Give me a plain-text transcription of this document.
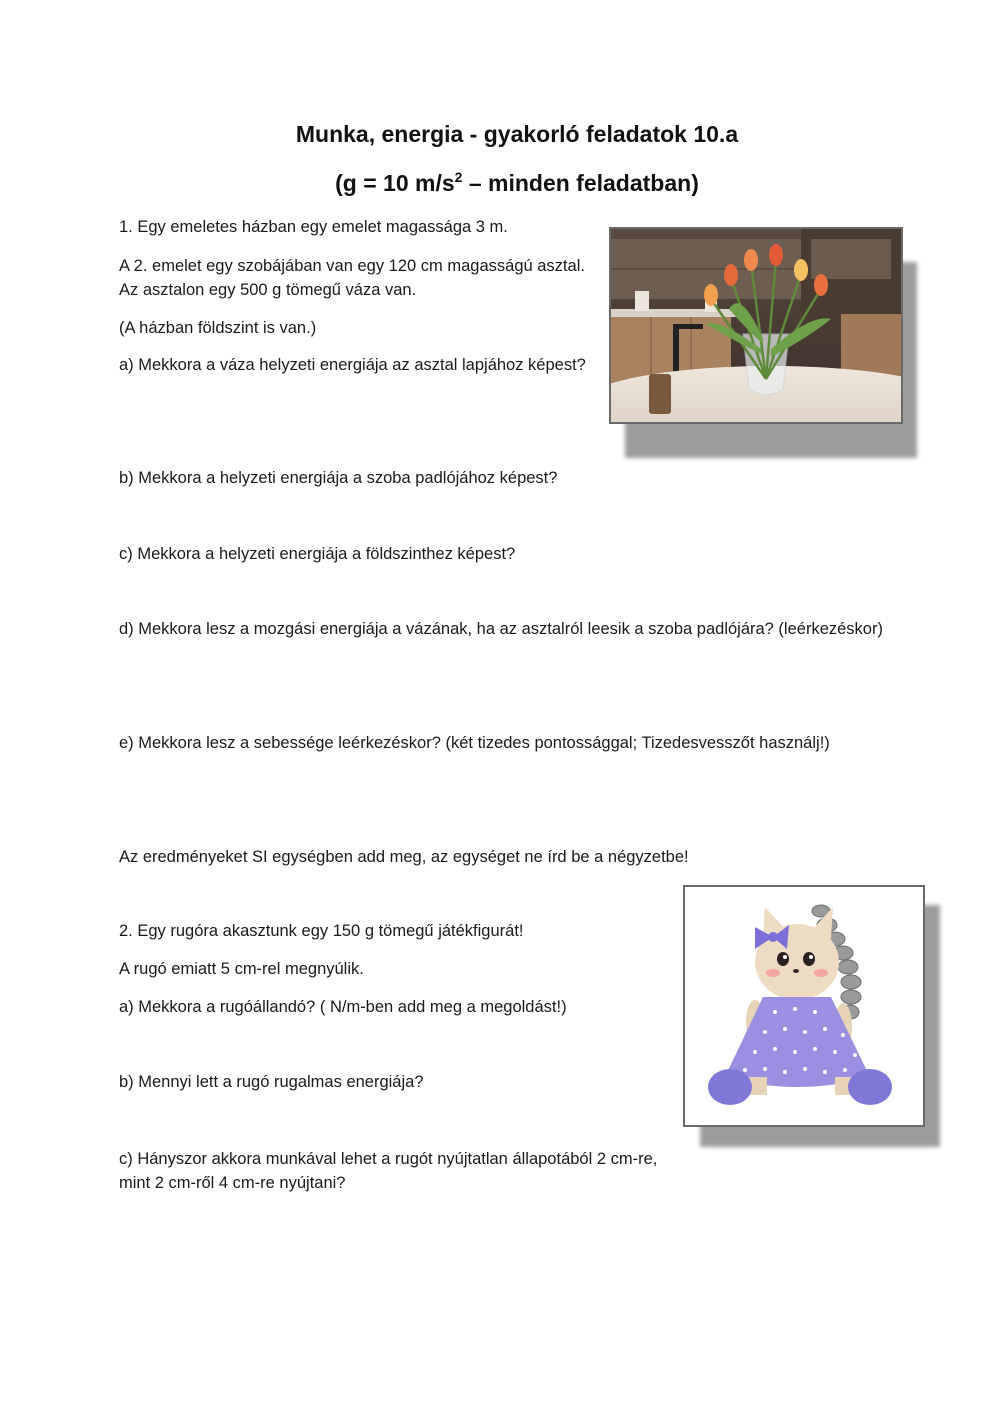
Munka, energia - gyakorló feladatok 10.a
(g = 10 $m/s^2$ – minden feladatban)
1. Egy emeletes házban egy emelet magassága 3 m.
A 2. emelet egy szobájában van egy 120 cm magasságú asztal.
Az asztalon egy 500 g tömegű váza van.
(A házban földszint is van.)
a) Mekkora a váza helyzeti energiája az asztal lapjához képest?
b) Mekkora a helyzeti energiája a szoba padlójához képest?
c) Mekkora a helyzeti energiája a földszinthez képest?
d) Mekkora lesz a mozgási energiája a vázának, ha az asztalról leesik a szoba padlójára? (leérkezéskor)
e) Mekkora lesz a sebessége leérkezéskor? (két tizedes pontossággal; Tizedesvesszőt használj!)
Az eredményeket SI egységben add meg, az egységet ne írd be a négyzetbe!
2. Egy rugóra akasztunk egy 150 g tömegű játékfigurát!
A rugó emiatt 5 cm-rel megnyúlik.
a) Mekkora a rugóállandó? ( N/m-ben add meg a megoldást!)
b) Mennyi lett a rugó rugalmas energiája?
c) Hányszor akkora munkával lehet a rugót nyújtatlan állapotából 2 cm-re,
mint 2 cm-ről 4 cm-re nyújtani?
